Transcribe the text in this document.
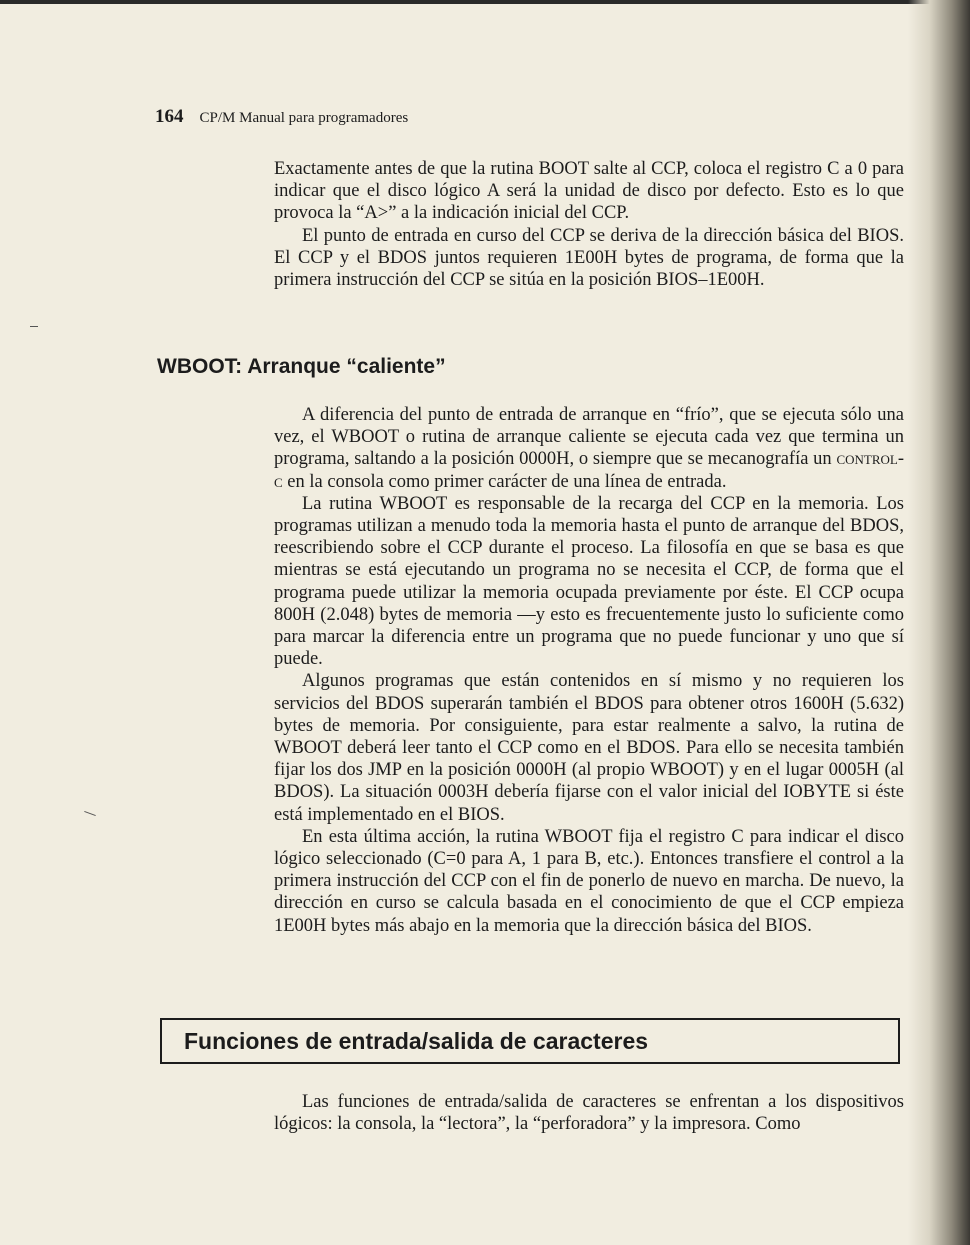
164 CP/M Manual para programadores

Exactamente antes de que la rutina BOOT salte al CCP, coloca el registro C a 0 para indicar que el disco lógico A será la unidad de disco por defecto. Esto es lo que provoca la “A>” a la indicación inicial del CCP.

El punto de entrada en curso del CCP se deriva de la dirección básica del BIOS. El CCP y el BDOS juntos requieren 1E00H bytes de programa, de forma que la primera instrucción del CCP se sitúa en la posición BIOS–1E00H.

WBOOT: Arranque “caliente”

A diferencia del punto de entrada de arranque en “frío”, que se ejecuta sólo una vez, el WBOOT o rutina de arranque caliente se ejecuta cada vez que termina un programa, saltando a la posición 0000H, o siempre que se mecanografía un control-c en la consola como primer carácter de una línea de entrada.

La rutina WBOOT es responsable de la recarga del CCP en la memoria. Los programas utilizan a menudo toda la memoria hasta el punto de arranque del BDOS, reescribiendo sobre el CCP durante el proceso. La filosofía en que se basa es que mientras se está ejecutando un programa no se necesita el CCP, de forma que el programa puede utilizar la memoria ocupada previamente por éste. El CCP ocupa 800H (2.048) bytes de memoria —y esto es frecuentemente justo lo suficiente como para marcar la diferencia entre un programa que no puede funcionar y uno que sí puede.

Algunos programas que están contenidos en sí mismo y no requieren los servicios del BDOS superarán también el BDOS para obtener otros 1600H (5.632) bytes de memoria. Por consiguiente, para estar realmente a salvo, la rutina de WBOOT deberá leer tanto el CCP como en el BDOS. Para ello se necesita también fijar los dos JMP en la posición 0000H (al propio WBOOT) y en el lugar 0005H (al BDOS). La situación 0003H debería fijarse con el valor inicial del IOBYTE si éste está implementado en el BIOS.

En esta última acción, la rutina WBOOT fija el registro C para indicar el disco lógico seleccionado (C=0 para A, 1 para B, etc.). Entonces transfiere el control a la primera instrucción del CCP con el fin de ponerlo de nuevo en marcha. De nuevo, la dirección en curso se calcula basada en el conocimiento de que el CCP empieza 1E00H bytes más abajo en la memoria que la dirección básica del BIOS.

Funciones de entrada/salida de caracteres

Las funciones de entrada/salida de caracteres se enfrentan a los dispositivos lógicos: la consola, la “lectora”, la “perforadora” y la impresora. Como
